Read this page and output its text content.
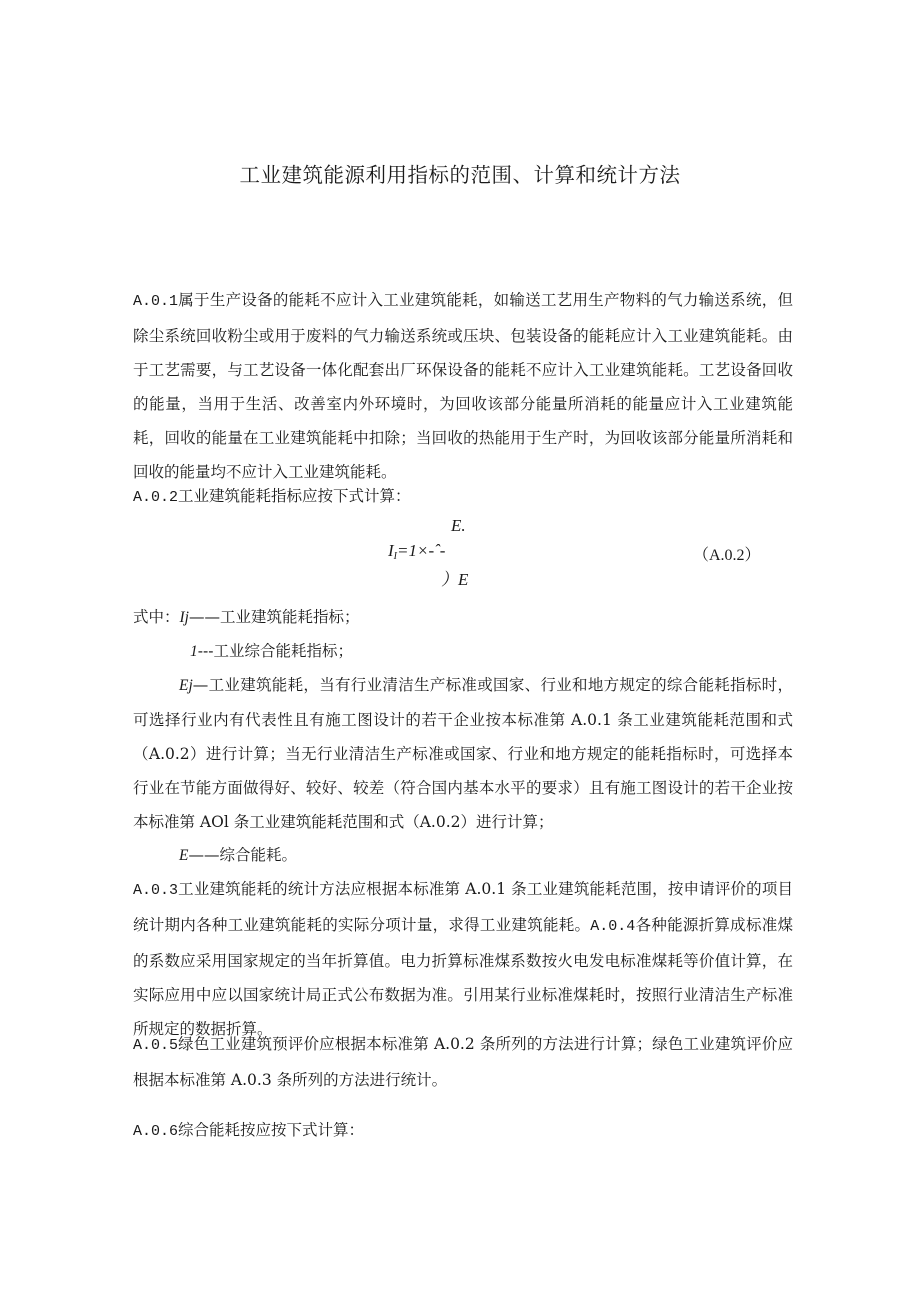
工业建筑能源利用指标的范围、计算和统计方法

A.0.1属于生产设备的能耗不应计入工业建筑能耗，如输送工艺用生产物料的气力输送系统，但除尘系统回收粉尘或用于废料的气力输送系统或压块、包装设备的能耗应计入工业建筑能耗。由于工艺需要，与工艺设备一体化配套出厂环保设备的能耗不应计入工业建筑能耗。工艺设备回收的能量，当用于生活、改善室内外环境时，为回收该部分能量所消耗的能量应计入工业建筑能耗，回收的能量在工业建筑能耗中扣除；当回收的热能用于生产时，为回收该部分能量所消耗和回收的能量均不应计入工业建筑能耗。

A.0.2工业建筑能耗指标应按下式计算：
E.
$I_I=1\times-ˆ-$
）E
（A.0.2）
式中：Ij——工业建筑能耗指标；
1---工业综合能耗指标；

Ej—工业建筑能耗，当有行业清洁生产标准或国家、行业和地方规定的综合能耗指标时，可选择行业内有代表性且有施工图设计的若干企业按本标准第 A.0.1 条工业建筑能耗范围和式（A.0.2）进行计算；当无行业清洁生产标准或国家、行业和地方规定的能耗指标时，可选择本行业在节能方面做得好、较好、较差（符合国内基本水平的要求）且有施工图设计的若干企业按本标准第 AOl 条工业建筑能耗范围和式（A.0.2）进行计算；

E——综合能耗。

A.0.3工业建筑能耗的统计方法应根据本标准第 A.0.1 条工业建筑能耗范围，按申请评价的项目统计期内各种工业建筑能耗的实际分项计量，求得工业建筑能耗。A.0.4各种能源折算成标准煤的系数应采用国家规定的当年折算值。电力折算标准煤系数按火电发电标准煤耗等价值计算，在实际应用中应以国家统计局正式公布数据为准。引用某行业标准煤耗时，按照行业清洁生产标准所规定的数据折算。

A.0.5绿色工业建筑预评价应根据本标准第 A.0.2 条所列的方法进行计算；绿色工业建筑评价应根据本标准第 A.0.3 条所列的方法进行统计。

A.0.6综合能耗按应按下式计算：
